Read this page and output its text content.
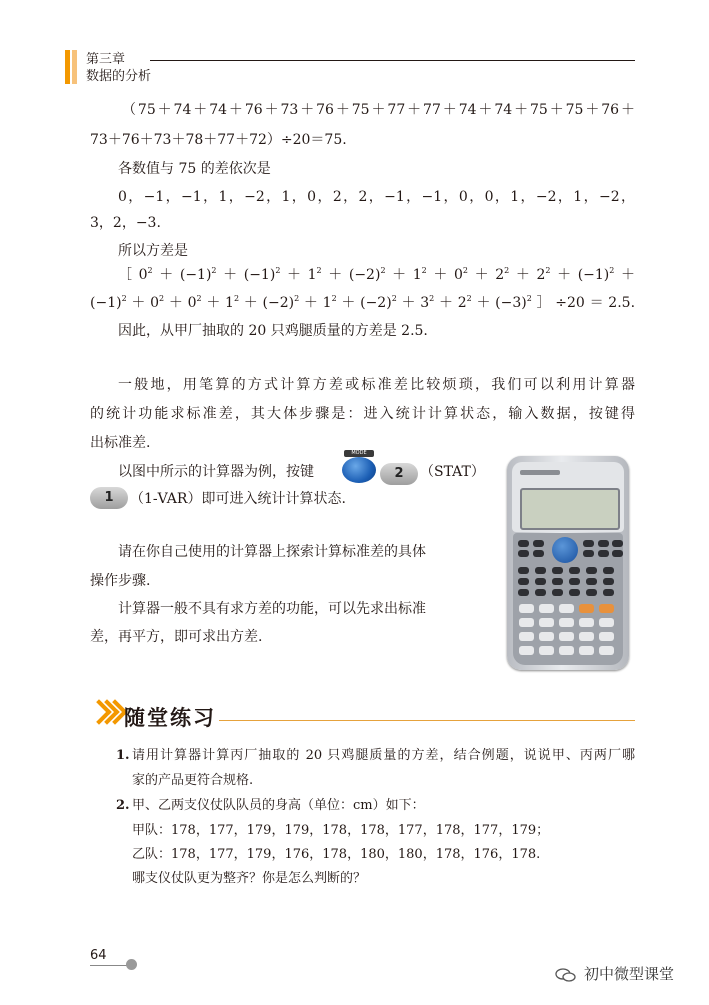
第三章
数据的分析
（75＋74＋74＋76＋73＋76＋75＋77＋77＋74＋74＋75＋75＋76＋
73＋76＋73＋78＋77＋72）÷20＝75.
各数值与 75 的差依次是
0，−1，−1，1，−2，1，0，2，2，−1，−1，0，0，1，−2，1，−2，
3，2，−3.
所以方差是
$[0^2+(-1)^2+(-1)^2+1^2+(-2)^2+1^2+0^2+2^2+2^2+(-1)^2+$
$(-1)^2+0^2+0^2+1^2+(-2)^2+1^2+(-2)^2+3^2+2^2+(-3)^2]\div 20=2.5$.
因此，从甲厂抽取的 20 只鸡腿质量的方差是 2.5.
一般地，用笔算的方式计算方差或标准差比较烦琐，我们可以利用计算器
的统计功能求标准差，其大体步骤是：进入统计计算状态，输入数据，按键得
出标准差.
以图中所示的计算器为例，按键
MODE
2	（STAT）
1	（1-VAR）即可进入统计计算状态.
请在你自己使用的计算器上探索计算标准差的具体
操作步骤.
计算器一般不具有求方差的功能，可以先求出标准
差，再平方，即可求出方差.
随堂练习
1. 请用计算器计算丙厂抽取的 20 只鸡腿质量的方差，结合例题，说说甲、丙两厂哪
家的产品更符合规格.
2. 甲、乙两支仪仗队队员的身高（单位：cm）如下：
甲队：178，177，179，179，178，178，177，178，177，179；
乙队：178，177，179，176，178，180，180，178，176，178.
哪支仪仗队更为整齐？你是怎么判断的？
64
初中微型课堂
